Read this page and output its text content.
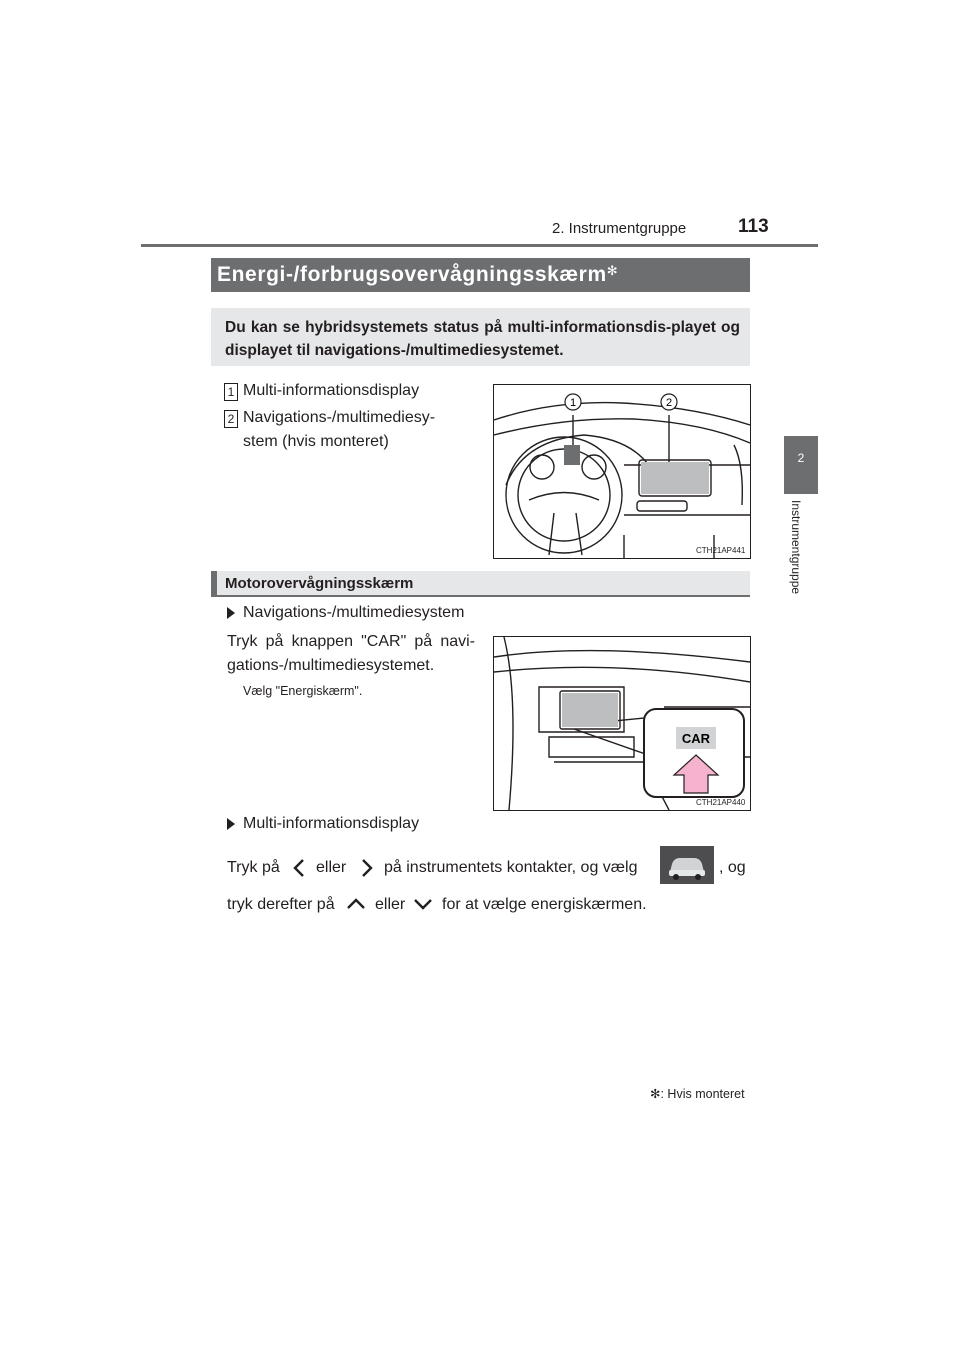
2. Instrumentgruppe	113
2
Instrumentgruppe
Energi-/forbrugsovervågningsskærm✻
Du kan se hybridsystemets status på multi-informationsdis-playet og displayet til navigations-/multimediesystemet.
1 Multi-informationsdisplay
2 Navigations-/multimediesy-
stem (hvis monteret)
1	2
CTH21AP441
Motorovervågningsskærm
Navigations-/multimediesystem
Tryk på knappen "CAR" på navi-
gations-/multimediesystemet.
Vælg "Energiskærm".
CAR
CTH21AP440
Multi-informationsdisplay
Tryk på eller på instrumentets kontakter, og vælg	, og
tryk derefter på	eller for at vælge energiskærmen.
✻: Hvis monteret
